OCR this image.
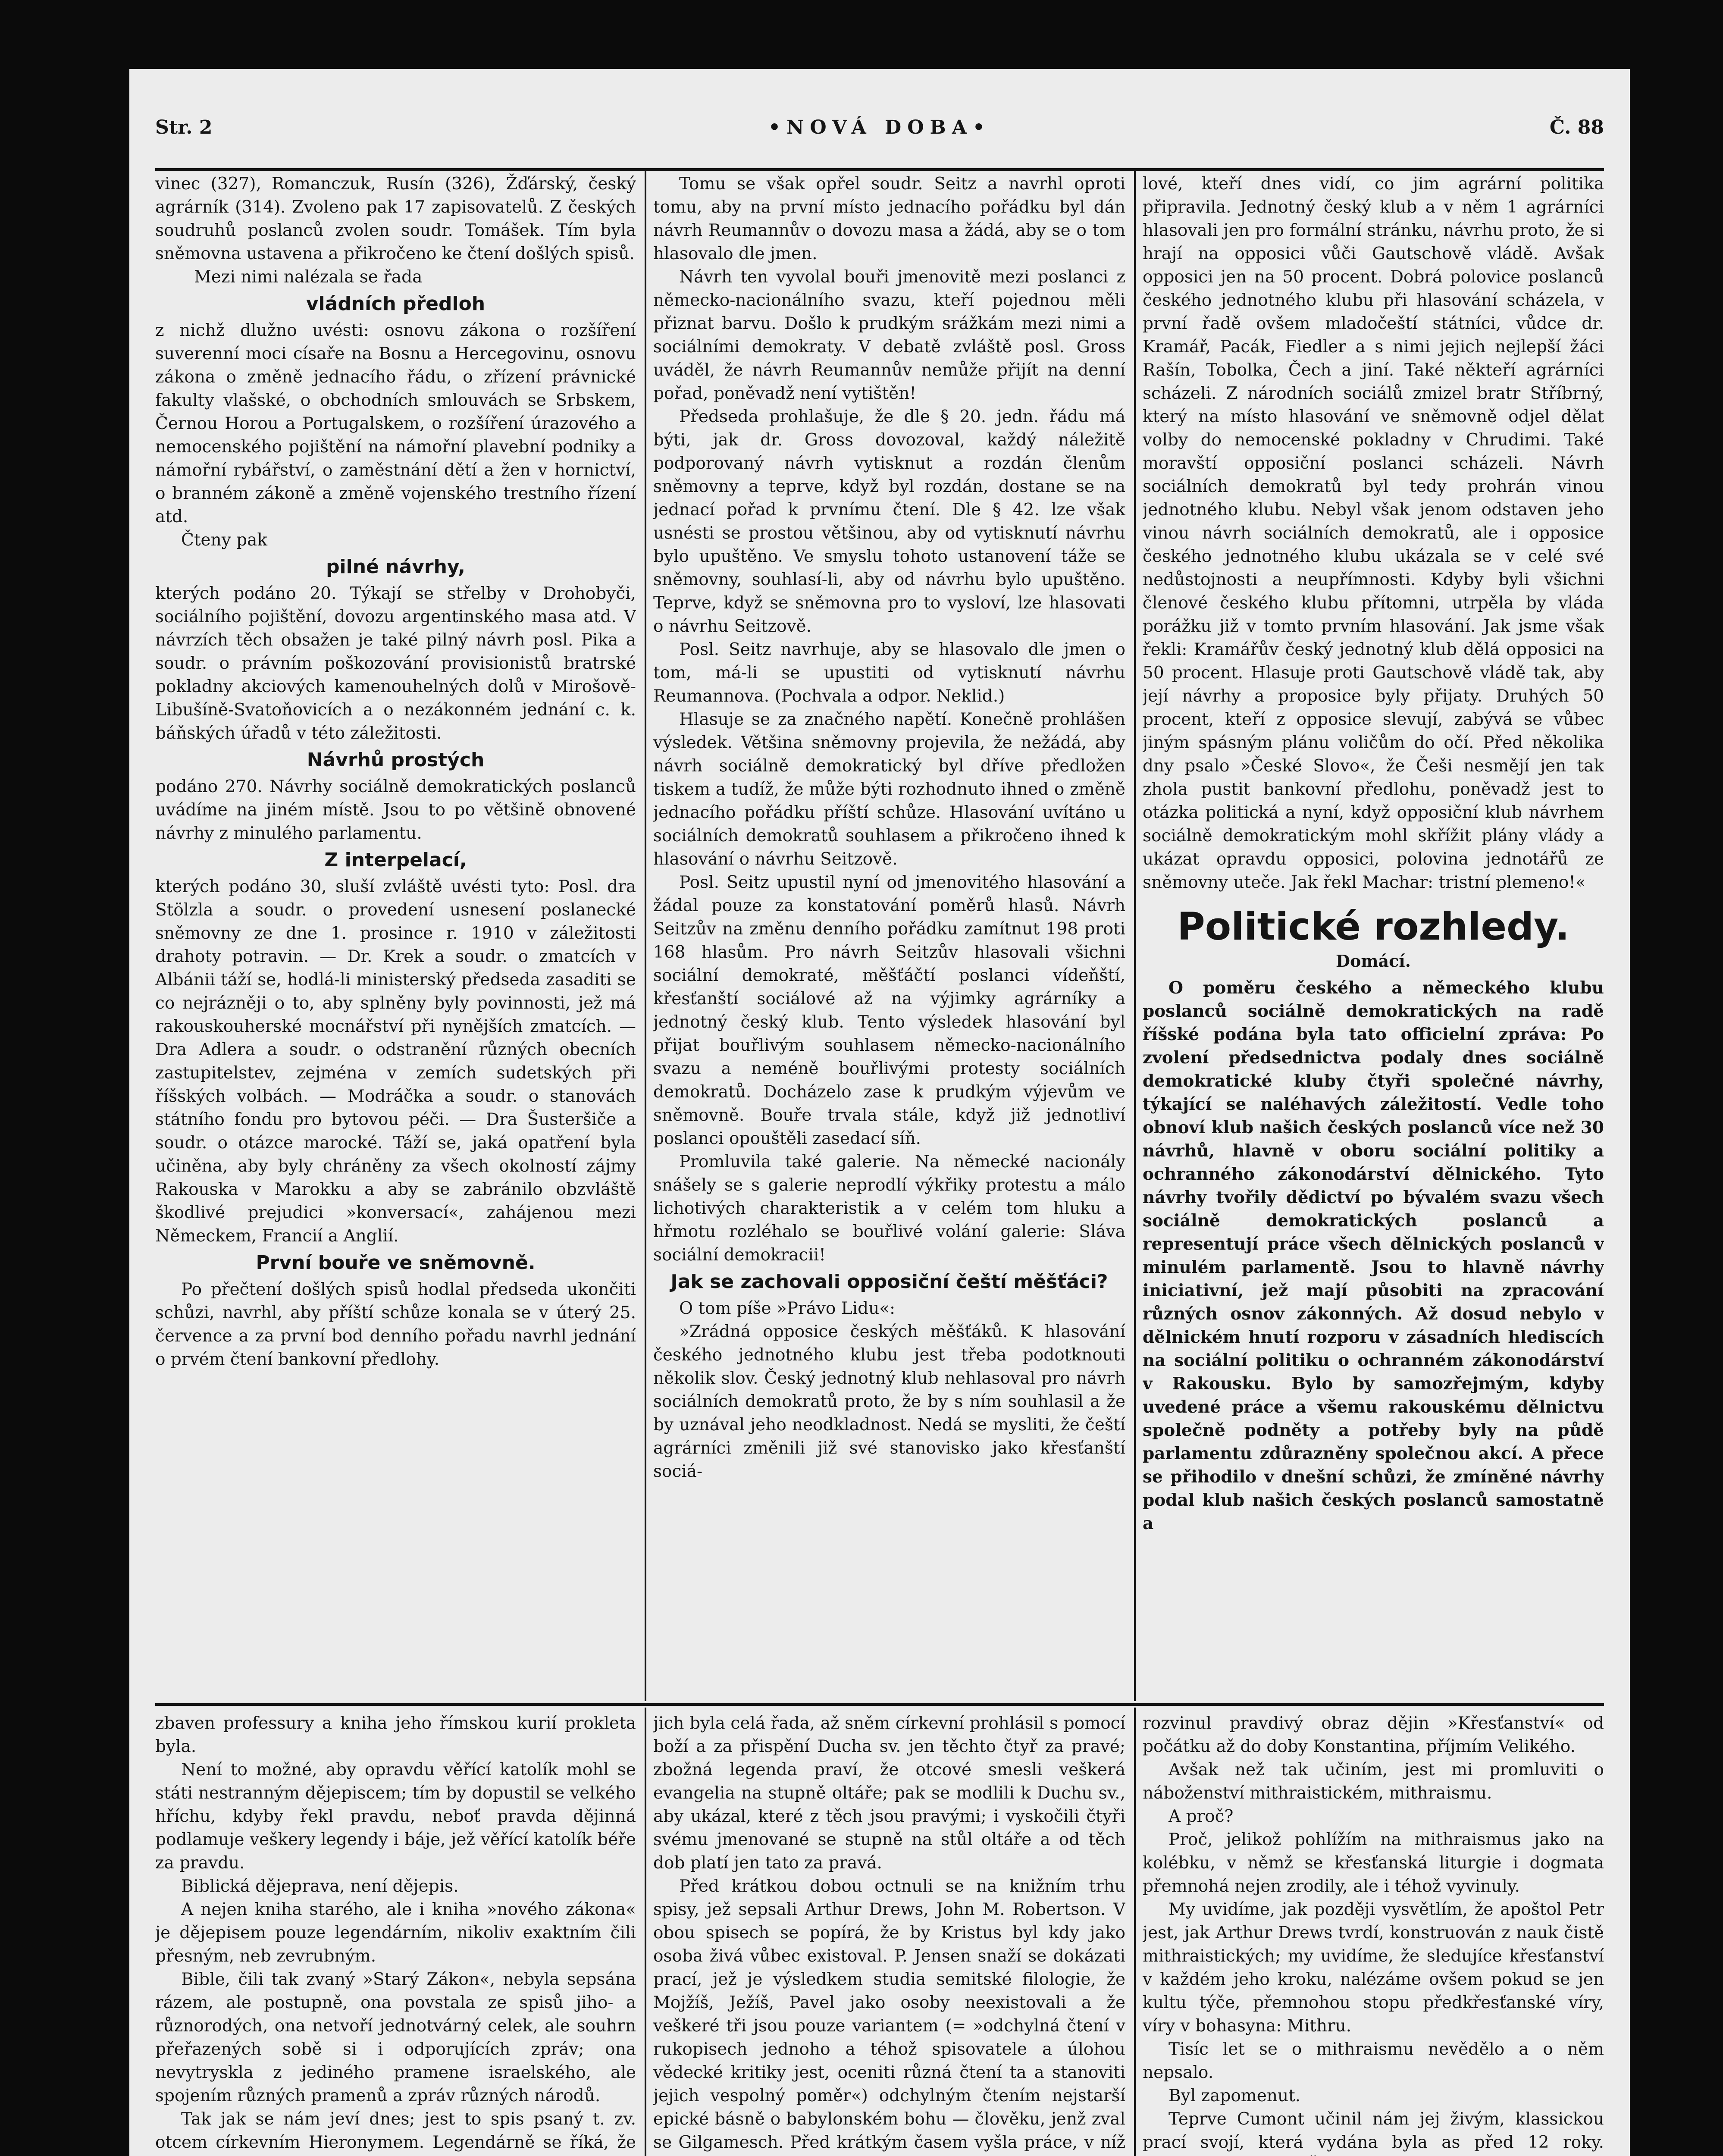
Str. 2	•NOVÁ DOBA•	Č. 88

vinec (327), Romanczuk, Rusín (326), Žďárský, český agrárník (314). Zvoleno pak 17 zapisovatelů. Z českých soudruhů poslanců zvolen soudr. Tomášek. Tím byla sněmovna ustavena a přikročeno ke čtení došlých spisů.

Mezi nimi nalézala se řada

vládních předloh

z nichž dlužno uvésti: osnovu zákona o rozšíření suverenní moci císaře na Bosnu a Hercegovinu, osnovu zákona o změně jednacího řádu, o zřízení právnické fakulty vlašské, o obchodních smlouvách se Srbskem, Černou Horou a Portugalskem, o rozšíření úrazového a nemocenského pojištění na námořní plavební podniky a námořní rybářství, o zaměstnání dětí a žen v hornictví, o branném zákoně a změně vojenského trestního řízení atd.

Čteny pak

pilné návrhy,

kterých podáno 20. Týkají se střelby v Drohobyči, sociálního pojištění, dovozu argentinského masa atd. V návrzích těch obsažen je také pilný návrh posl. Pika a soudr. o právním poškozování provisionistů bratrské pokladny akciových kamenouhelných dolů v Mirošově-Libušíně-Svatoňovicích a o nezákonném jednání c. k. báňských úřadů v této záležitosti.

Návrhů prostých

podáno 270. Návrhy sociálně demokratických poslanců uvádíme na jiném místě. Jsou to po většině obnovené návrhy z minulého parlamentu.

Z interpelací,

kterých podáno 30, sluší zvláště uvésti tyto: Posl. dra Stölzla a soudr. o provedení usnesení poslanecké sněmovny ze dne 1. prosince r. 1910 v záležitosti drahoty potravin. — Dr. Krek a soudr. o zmatcích v Albánii táží se, hodlá-li ministerský předseda zasaditi se co nejrázněji o to, aby splněny byly povinnosti, jež má rakouskouherské mocnářství při nynějších zmatcích. — Dra Adlera a soudr. o odstranění různých obecních zastupitelstev, zejména v zemích sudetských při říšských volbách. — Modráčka a soudr. o stanovách státního fondu pro bytovou péči. — Dra Šusteršiče a soudr. o otázce marocké. Táží se, jaká opatření byla učiněna, aby byly chráněny za všech okolností zájmy Rakouska v Marokku a aby se zabránilo obzvláště škodlivé prejudici »konversací«, zahájenou mezi Německem, Francií a Anglií.

První bouře ve sněmovně.

Po přečtení došlých spisů hodlal předseda ukončiti schůzi, navrhl, aby příští schůze konala se v úterý 25. července a za první bod denního pořadu navrhl jednání o prvém čtení bankovní předlohy.

Tomu se však opřel soudr. Seitz a navrhl oproti tomu, aby na první místo jednacího pořádku byl dán návrh Reumannův o dovozu masa a žádá, aby se o tom hlasovalo dle jmen.

Návrh ten vyvolal bouři jmenovitě mezi poslanci z německo-nacionálního svazu, kteří pojednou měli přiznat barvu. Došlo k prudkým srážkám mezi nimi a sociálními demokraty. V debatě zvláště posl. Gross uváděl, že návrh Reumannův nemůže přijít na denní pořad, poněvadž není vytištěn!

Předseda prohlašuje, že dle § 20. jedn. řádu má býti, jak dr. Gross dovozoval, každý náležitě podporovaný návrh vytisknut a rozdán členům sněmovny a teprve, když byl rozdán, dostane se na jednací pořad k prvnímu čtení. Dle § 42. lze však usnésti se prostou většinou, aby od vytisknutí návrhu bylo upuštěno. Ve smyslu tohoto ustanovení táže se sněmovny, souhlasí-li, aby od návrhu bylo upuštěno. Teprve, když se sněmovna pro to vysloví, lze hlasovati o návrhu Seitzově.

Posl. Seitz navrhuje, aby se hlasovalo dle jmen o tom, má-li se upustiti od vytisknutí návrhu Reumannova. (Pochvala a odpor. Neklid.)

Hlasuje se za značného napětí. Konečně prohlášen výsledek. Většina sněmovny projevila, že nežádá, aby návrh sociálně demokratický byl dříve předložen tiskem a tudíž, že může býti rozhodnuto ihned o změně jednacího pořádku příští schůze. Hlasování uvítáno u sociálních demokratů souhlasem a přikročeno ihned k hlasování o návrhu Seitzově.

Posl. Seitz upustil nyní od jmenovitého hlasování a žádal pouze za konstatování poměrů hlasů. Návrh Seitzův na změnu denního pořádku zamítnut 198 proti 168 hlasům. Pro návrh Seitzův hlasovali všichni sociální demokraté, měšťáčtí poslanci vídeňští, křesťanští sociálové až na výjimky agrárníky a jednotný český klub. Tento výsledek hlasování byl přijat bouřlivým souhlasem německo-nacionálního svazu a neméně bouřlivými protesty sociálních demokratů. Docházelo zase k prudkým výjevům ve sněmovně. Bouře trvala stále, když již jednotliví poslanci opouštěli zasedací síň.

Promluvila také galerie. Na německé nacionály snášely se s galerie neprodlí výkřiky protestu a málo lichotivých charakteristik a v celém tom hluku a hřmotu rozléhalo se bouřlivé volání galerie: Sláva sociální demokracii!

Jak se zachovali opposiční čeští měšťáci?

O tom píše »Právo Lidu«:

»Zrádná opposice českých měšťáků. K hlasování českého jednotného klubu jest třeba podotknouti několik slov. Český jednotný klub nehlasoval pro návrh sociálních demokratů proto, že by s ním souhlasil a že by uznával jeho neodkladnost. Nedá se mysliti, že čeští agrárníci změnili již své stanovisko jako křesťanští sociá-

lové, kteří dnes vidí, co jim agrární politika připravila. Jednotný český klub a v něm 1 agrárníci hlasovali jen pro formální stránku, návrhu proto, že si hrají na opposici vůči Gautschově vládě. Avšak opposici jen na 50 procent. Dobrá polovice poslanců českého jednotného klubu při hlasování scházela, v první řadě ovšem mladočeští státníci, vůdce dr. Kramář, Pacák, Fiedler a s nimi jejich nejlepší žáci Rašín, Tobolka, Čech a jiní. Také někteří agrárníci scházeli. Z národních sociálů zmizel bratr Stříbrný, který na místo hlasování ve sněmovně odjel dělat volby do nemocenské pokladny v Chrudimi. Také moravští opposiční poslanci scházeli. Návrh sociálních demokratů byl tedy prohrán vinou jednotného klubu. Nebyl však jenom odstaven jeho vinou návrh sociálních demokratů, ale i opposice českého jednotného klubu ukázala se v celé své nedůstojnosti a neupřímnosti. Kdyby byli všichni členové českého klubu přítomni, utrpěla by vláda porážku již v tomto prvním hlasování. Jak jsme však řekli: Kramářův český jednotný klub dělá opposici na 50 procent. Hlasuje proti Gautschově vládě tak, aby její návrhy a proposice byly přijaty. Druhých 50 procent, kteří z opposice slevují, zabývá se vůbec jiným spásným plánu voličům do očí. Před několika dny psalo »České Slovo«, že Češi nesmějí jen tak zhola pustit bankovní předlohu, poněvadž jest to otázka politická a nyní, když opposiční klub návrhem sociálně demokratickým mohl skřížit plány vlády a ukázat opravdu opposici, polovina jednotářů ze sněmovny uteče. Jak řekl Machar: tristní plemeno!«

Politické rozhledy.
Domácí.

O poměru českého a německého klubu poslanců sociálně demokratických na radě říšské podána byla tato officielní zpráva: Po zvolení předsednictva podaly dnes sociálně demokratické kluby čtyři společné návrhy, týkající se naléhavých záležitostí. Vedle toho obnoví klub našich českých poslanců více než 30 návrhů, hlavně v oboru sociální politiky a ochranného zákonodárství dělnického. Tyto návrhy tvořily dědictví po bývalém svazu všech sociálně demokratických poslanců a representují práce všech dělnických poslanců v minulém parlamentě. Jsou to hlavně návrhy iniciativní, jež mají působiti na zpracování různých osnov zákonných. Až dosud nebylo v dělnickém hnutí rozporu v zásadních hlediscích na sociální politiku o ochranném zákonodárství v Rakousku. Bylo by samozřejmým, kdyby uvedené práce a všemu rakouskému dělnictvu společně podněty a potřeby byly na půdě parlamentu zdůrazněny společnou akcí. A přece se přihodilo v dnešní schůzi, že zmíněné návrhy podal klub našich českých poslanců samostatně a

zbaven professury a kniha jeho římskou kurií prokleta byla.

Není to možné, aby opravdu věřící katolík mohl se státi nestranným dějepiscem; tím by dopustil se velkého hříchu, kdyby řekl pravdu, neboť pravda dějinná podlamuje veškery legendy i báje, jež věřící katolík béře za pravdu.

Biblická dějeprava, není dějepis.

A nejen kniha starého, ale i kniha »nového zákona« je dějepisem pouze legendárním, nikoliv exaktním čili přesným, neb zevrubným.

Bible, čili tak zvaný »Starý Zákon«, nebyla sepsána rázem, ale postupně, ona povstala ze spisů jiho- a různorodých, ona netvoří jednotvárný celek, ale souhrn přeřazených sobě si i odporujících zpráv; ona nevytryskla z jediného pramene israelského, ale spojením různých pramenů a zpráv různých národů.

Tak jak se nám jeví dnes; jest to spis psaný t. zv. otcem církevním Hieronymem. Legendárně se říká, že

jich byla celá řada, až sněm církevní prohlásil s pomocí boží a za přispění Ducha sv. jen těchto čtyř za pravé; zbožná legenda praví, že otcové smesli veškerá evangelia na stupně oltáře; pak se modlili k Duchu sv., aby ukázal, které z těch jsou pravými; i vyskočili čtyři svému jmenované se stupně na stůl oltáře a od těch dob platí jen tato za pravá.

Před krátkou dobou octnuli se na knižním trhu spisy, jež sepsali Arthur Drews, John M. Robertson. V obou spisech se popírá, že by Kristus byl kdy jako osoba živá vůbec existoval. P. Jensen snaží se dokázati prací, jež je výsledkem studia semitské filologie, že Mojžíš, Ježíš, Pavel jako osoby neexistovali a že veškeré tři jsou pouze variantem (= »odchylná čtení v rukopisech jednoho a téhož spisovatele a úlohou vědecké kritiky jest, oceniti různá čtení ta a stanoviti jejich vespolný poměr«) odchylným čtením nejstarší epické básně o babylonském bohu — člověku, jenž zval se Gilgamesch. Před krátkým časem vyšla práce, v níž

rozvinul pravdivý obraz dějin »Křesťanství« od počátku až do doby Konstantina, příjmím Velikého.

Avšak než tak učiním, jest mi promluviti o náboženství mithraistickém, mithraismu.

A proč?

Proč, jelikož pohlížím na mithraismus jako na kolébku, v němž se křesťanská liturgie i dogmata přemnohá nejen zrodily, ale i téhož vyvinuly.

My uvidíme, jak později vysvětlím, že apoštol Petr jest, jak Arthur Drews tvrdí, konstruován z nauk čistě mithraistických; my uvidíme, že sledujíce křesťanství v každém jeho kroku, nalézáme ovšem pokud se jen kultu týče, přemnohou stopu předkřesťanské víry, víry v bohasyna: Mithru.

Tisíc let se o mithraismu nevědělo a o něm nepsalo.

Byl zapomenut.

Teprve Cumont učinil nám jej živým, klassickou prací svojí, která vydána byla as před 12 roky.
